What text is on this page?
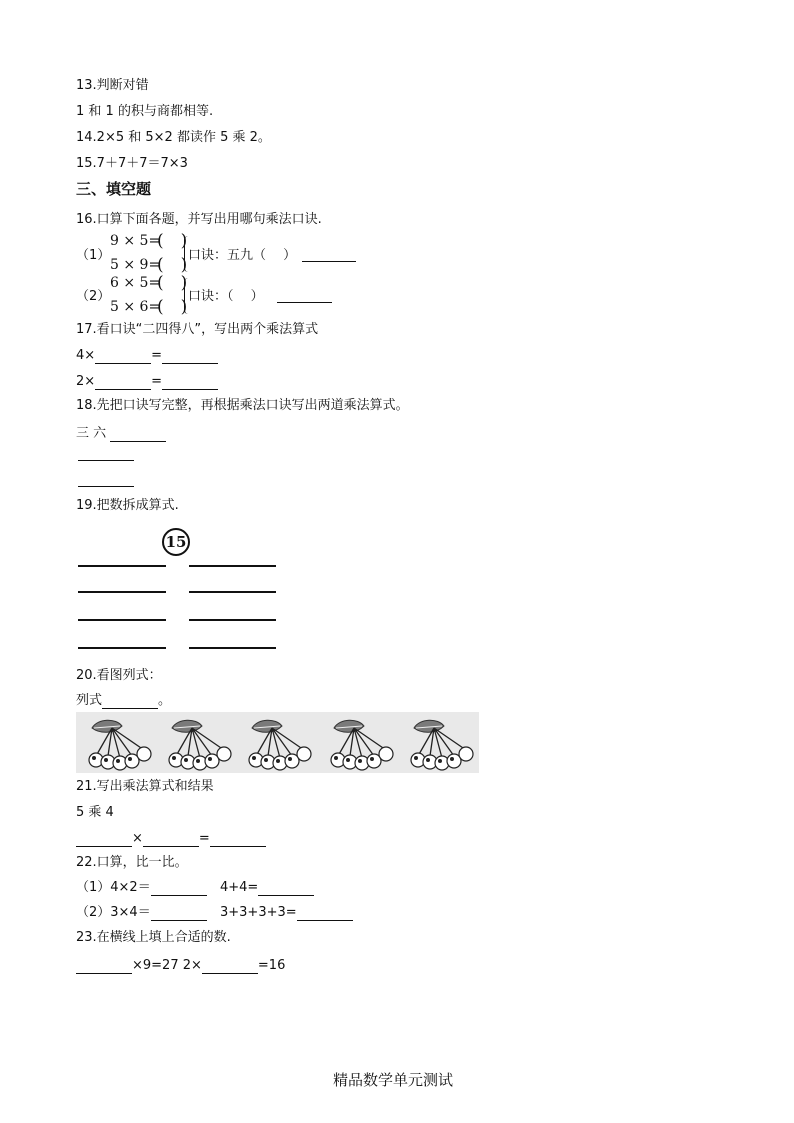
13.判断对错
1 和 1 的积与商都相等.
14.2×5 和 5×2 都读作 5 乘 2。
15.7＋7＋7＝7×3
三、填空题
16.口算下面各题，并写出用哪句乘法口诀.
（1）
9 × 5=
(　)
5 × 9=
(　) 口诀：五九（　 ）
（2）
6 × 5=
(　)
5 × 6=
(　)
口诀：（　 ）
17.看口诀“二四得八”，写出两个乘法算式
4×	=
2×	=
18.先把口诀写完整，再根据乘法口诀写出两道乘法算式。
三 六
19.把数拆成算式.
15
20.看图列式：
列式	。
21.写出乘法算式和结果
5 乘 4
×	=
22.口算，比一比。
（1）4×2＝	4+4=
（2）3×4＝	3+3+3+3=
23.在横线上填上合适的数.
×9=27 2×	=16
精品数学单元测试
